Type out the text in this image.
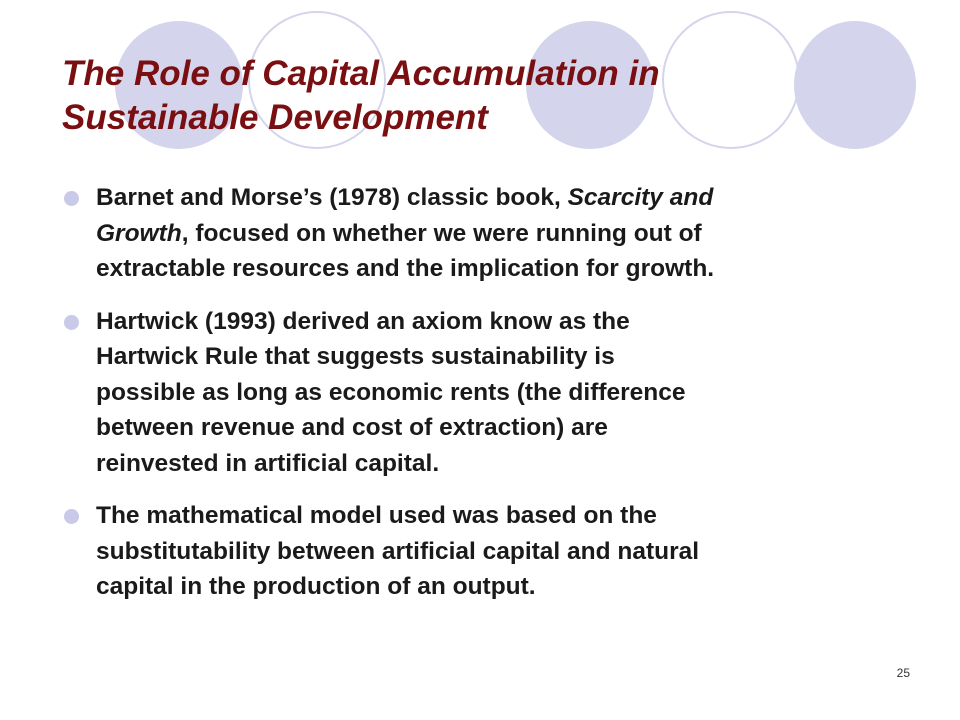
The Role of Capital Accumulation in
Sustainable Development
Barnet and Morse’s (1978) classic book, Scarcity and
Growth, focused on whether we were running out of
extractable resources and the implication for growth.
Hartwick (1993) derived an axiom know as the
Hartwick Rule that suggests sustainability is
possible as long as economic rents (the difference
between revenue and cost of extraction) are
reinvested in artificial capital.
The mathematical model used was based on the
substitutability between artificial capital and natural
capital in the production of an output.
25
